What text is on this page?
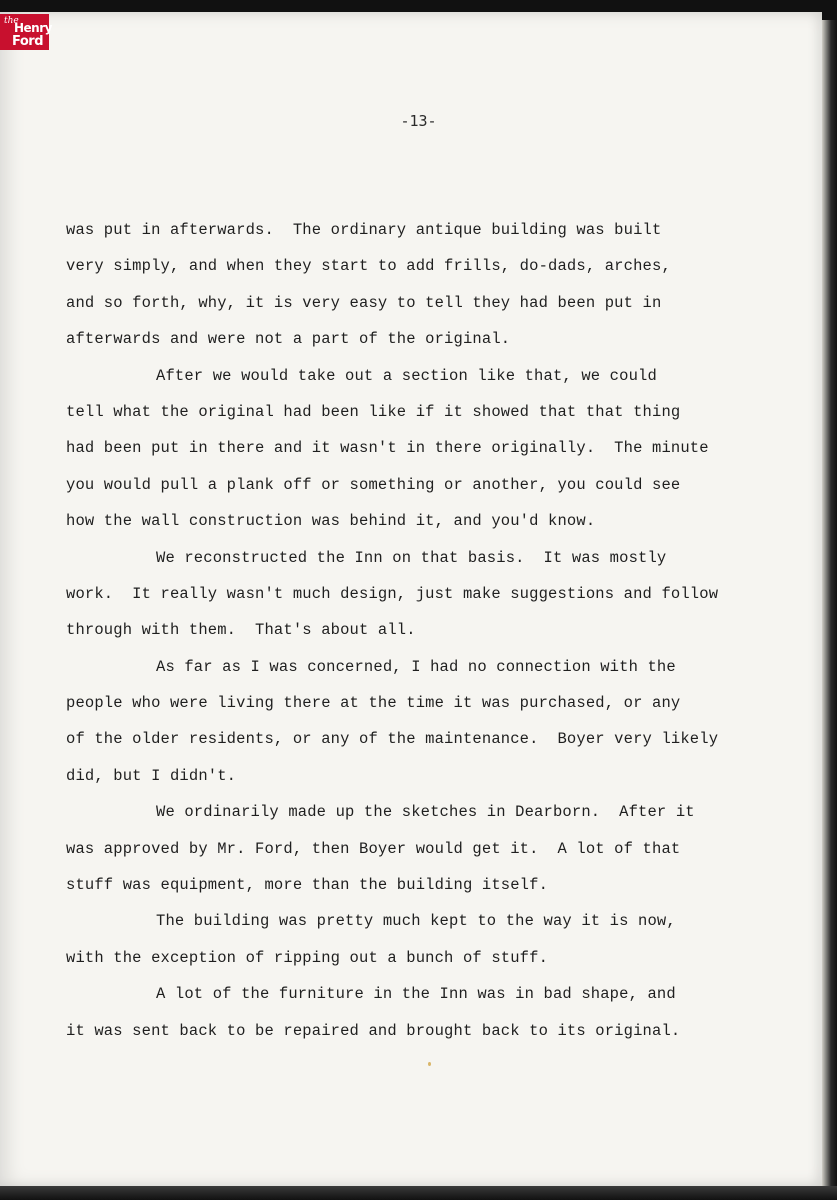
the
Henry
Ford
-13-
was put in afterwards.  The ordinary antique building was built
very simply, and when they start to add frills, do-dads, arches,
and so forth, why, it is very easy to tell they had been put in
afterwards and were not a part of the original.
After we would take out a section like that, we could
tell what the original had been like if it showed that that thing
had been put in there and it wasn't in there originally.  The minute
you would pull a plank off or something or another, you could see
how the wall construction was behind it, and you'd know.
We reconstructed the Inn on that basis.  It was mostly
work.  It really wasn't much design, just make suggestions and follow
through with them.  That's about all.
As far as I was concerned, I had no connection with the
people who were living there at the time it was purchased, or any
of the older residents, or any of the maintenance.  Boyer very likely
did, but I didn't.
We ordinarily made up the sketches in Dearborn.  After it
was approved by Mr. Ford, then Boyer would get it.  A lot of that
stuff was equipment, more than the building itself.
The building was pretty much kept to the way it is now,
with the exception of ripping out a bunch of stuff.
A lot of the furniture in the Inn was in bad shape, and
it was sent back to be repaired and brought back to its original.
